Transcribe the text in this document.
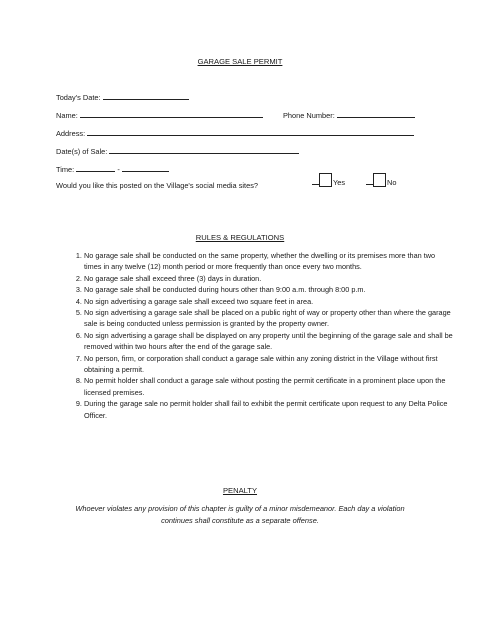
GARAGE SALE PERMIT
Today's Date:
Name:	Phone Number:
Address:
Date(s) of Sale:
Time:	-
Would you like this posted on the Village's social media sites?	Yes	No
RULES & REGULATIONS
1. No garage sale shall be conducted on the same property, whether the dwelling or its premises more than two times in any twelve (12) month period or more frequently than once every two months.
2. No garage sale shall exceed three (3) days in duration.
3. No garage sale shall be conducted during hours other than 9:00 a.m. through 8:00 p.m.
4. No sign advertising a garage sale shall exceed two square feet in area.
5. No sign advertising a garage sale shall be placed on a public right of way or property other than where the garage sale is being conducted unless permission is granted by the property owner.
6. No sign advertising a garage shall be displayed on any property until the beginning of the garage sale and shall be removed within two hours after the end of the garage sale.
7. No person, firm, or corporation shall conduct a garage sale within any zoning district in the Village without first obtaining a permit.
8. No permit holder shall conduct a garage sale without posting the permit certificate in a prominent place upon the licensed premises.
9. During the garage sale no permit holder shall fail to exhibit the permit certificate upon request to any Delta Police Officer.
PENALTY
Whoever violates any provision of this chapter is guilty of a minor misdemeanor. Each day a violation continues shall constitute as a separate offense.
